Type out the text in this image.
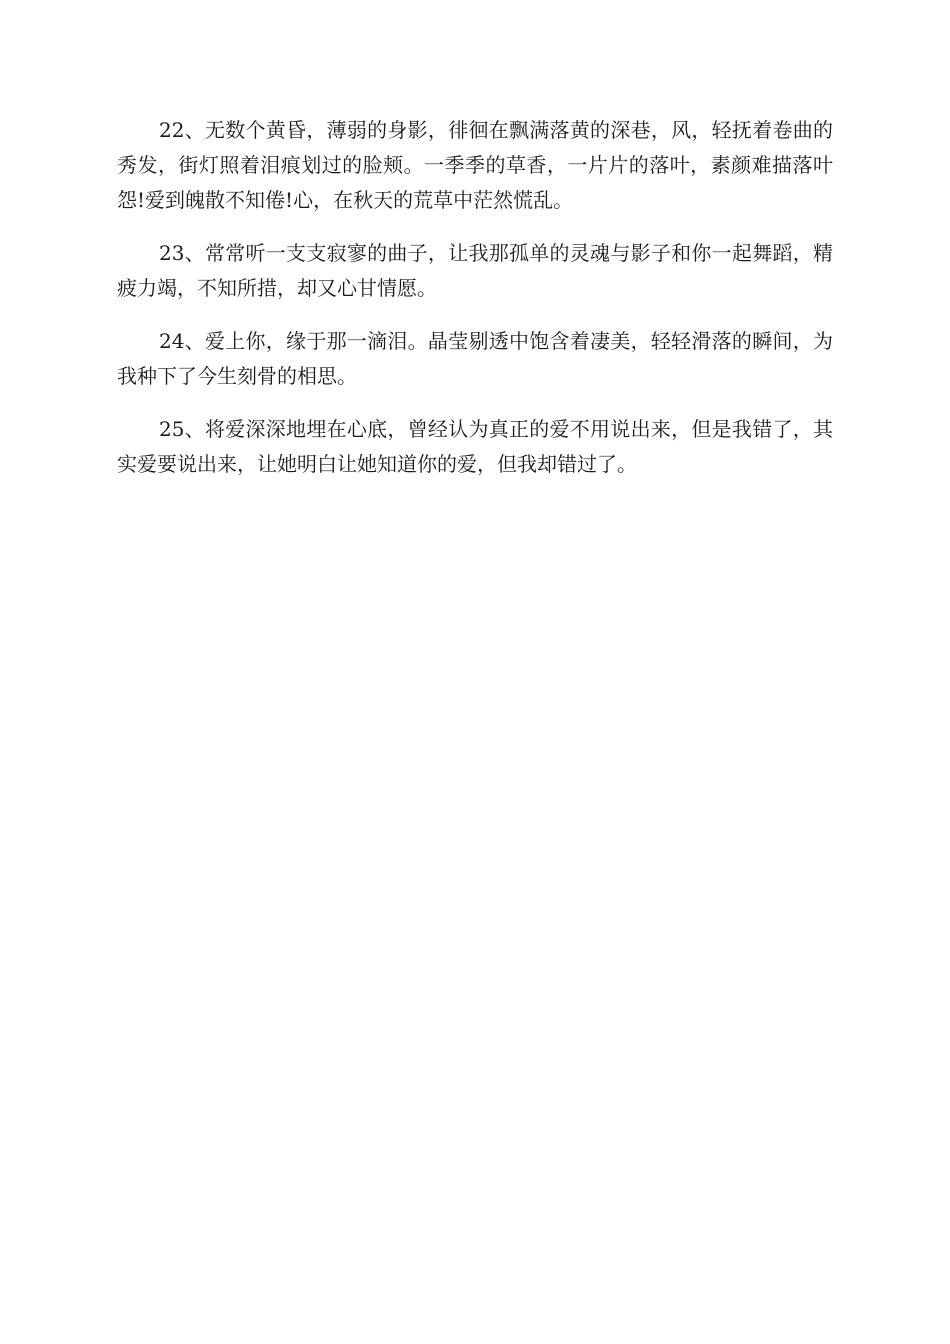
22、无数个黄昏，薄弱的身影，徘徊在飘满落黄的深巷，风，轻抚着卷曲的秀发，街灯照着泪痕划过的脸颊。一季季的草香，一片片的落叶，素颜难描落叶怨!爱到魄散不知倦!心，在秋天的荒草中茫然慌乱。

23、常常听一支支寂寥的曲子，让我那孤单的灵魂与影子和你一起舞蹈，精疲力竭，不知所措，却又心甘情愿。

24、爱上你，缘于那一滴泪。晶莹剔透中饱含着凄美，轻轻滑落的瞬间，为我种下了今生刻骨的相思。

25、将爱深深地埋在心底，曾经认为真正的爱不用说出来，但是我错了，其实爱要说出来，让她明白让她知道你的爱，但我却错过了。
